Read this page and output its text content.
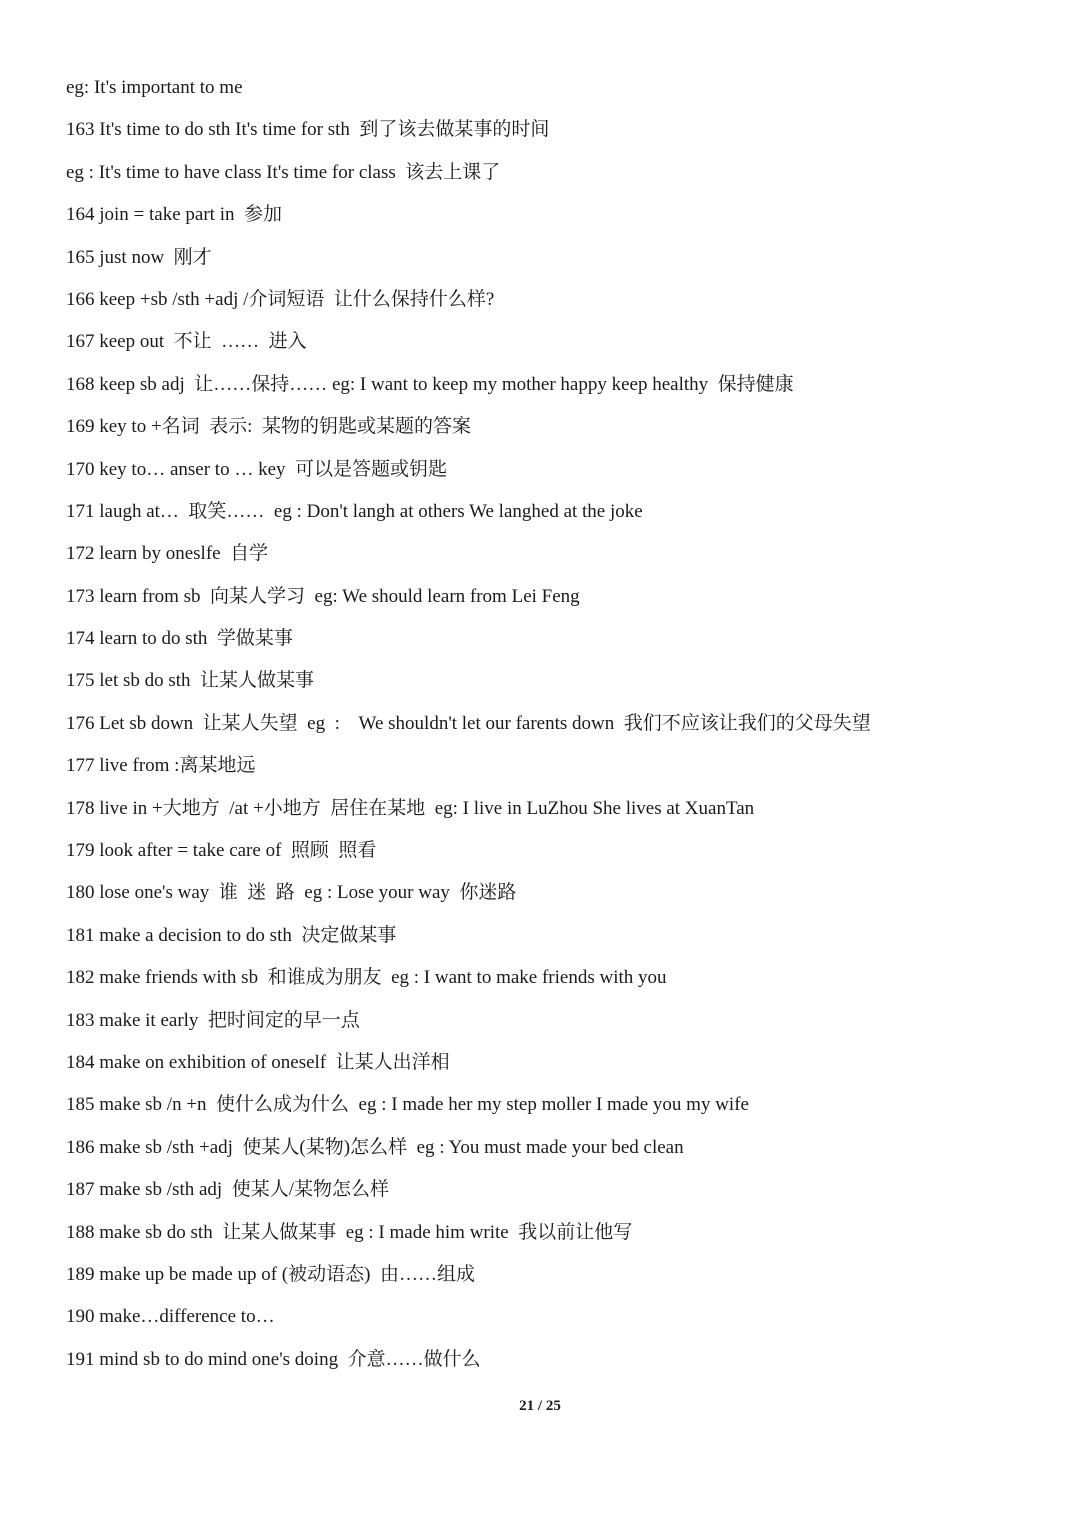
eg: It's important to me
163 It's time to do sth It's time for sth  到了该去做某事的时间
eg : It's time to have class It's time for class  该去上课了
164 join = take part in  参加
165 just now  刚才
166 keep +sb /sth +adj /介词短语  让什么保持什么样?
167 keep out  不让  ……  进入
168 keep sb adj  让……保持…… eg: I want to keep my mother happy keep healthy  保持健康
169 key to +名词  表示:  某物的钥匙或某题的答案
170 key to… anser to … key  可以是答题或钥匙
171 laugh at…  取笑……  eg : Don't langh at others We langhed at the joke
172 learn by oneslfe  自学
173 learn from sb  向某人学习  eg: We should learn from Lei Feng
174 learn to do sth  学做某事
175 let sb do sth  让某人做某事
176 Let sb down  让某人失望  eg  :    We shouldn't let our farents down  我们不应该让我们的父母失望
177 live from :离某地远
178 live in +大地方  /at +小地方  居住在某地  eg: I live in LuZhou She lives at XuanTan
179 look after = take care of  照顾  照看
180 lose one's way  谁  迷  路  eg : Lose your way  你迷路
181 make a decision to do sth  决定做某事
182 make friends with sb  和谁成为朋友  eg : I want to make friends with you
183 make it early  把时间定的早一点
184 make on exhibition of oneself  让某人出洋相
185 make sb /n +n  使什么成为什么  eg : I made her my step moller I made you my wife
186 make sb /sth +adj  使某人(某物)怎么样  eg : You must made your bed clean
187 make sb /sth adj  使某人/某物怎么样
188 make sb do sth  让某人做某事  eg : I made him write  我以前让他写
189 make up be made up of (被动语态)  由……组成
190 make…difference to…
191 mind sb to do mind one's doing  介意……做什么
21 / 25
